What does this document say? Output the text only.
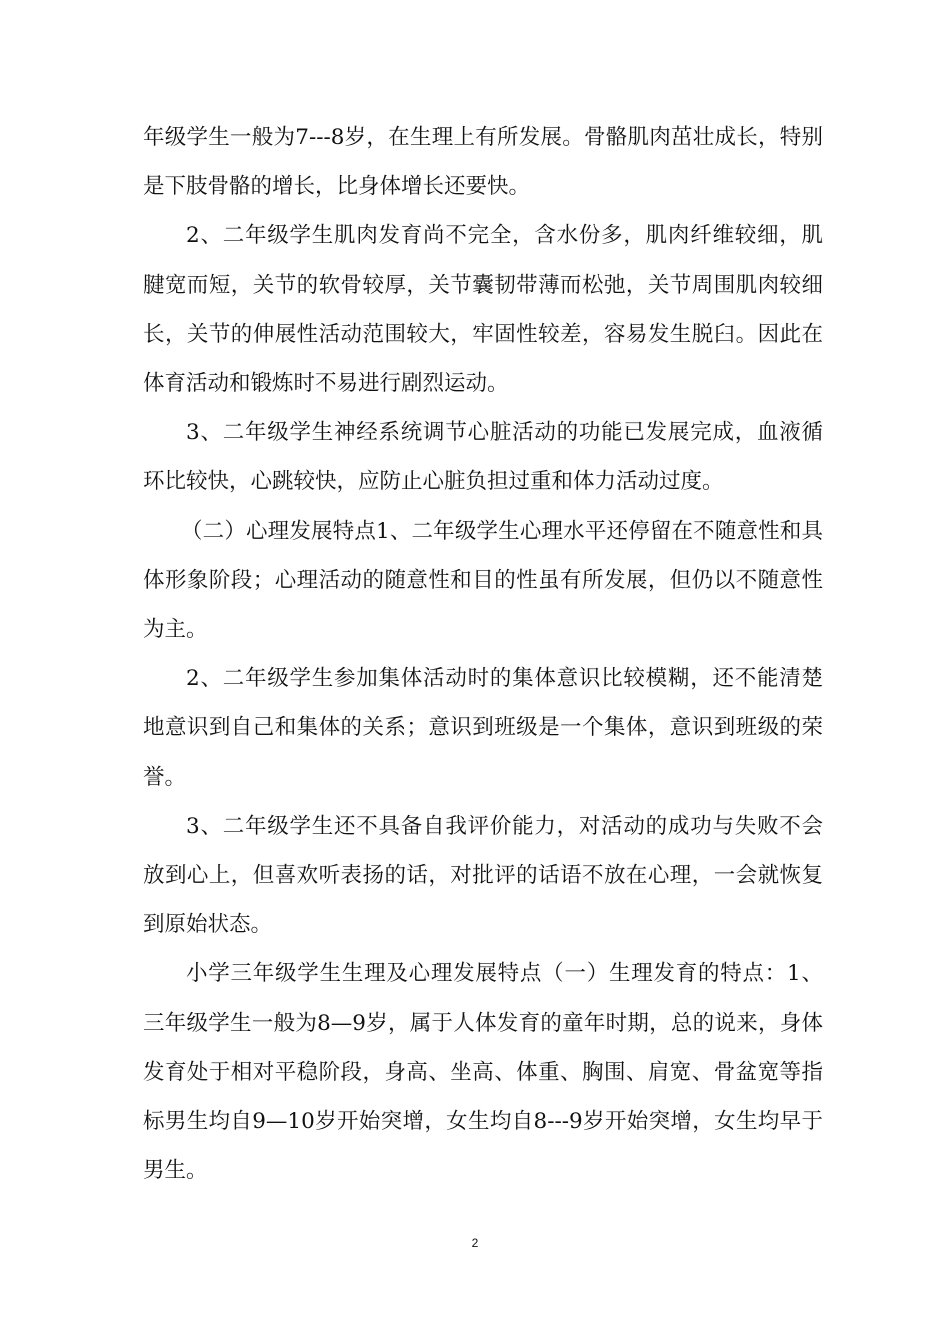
年级学生一般为7---8岁，在生理上有所发展。骨骼肌肉茁壮成长，特别是下肢骨骼的增长，比身体增长还要快。

2、二年级学生肌肉发育尚不完全，含水份多，肌肉纤维较细，肌腱宽而短，关节的软骨较厚，关节囊韧带薄而松弛，关节周围肌肉较细长，关节的伸展性活动范围较大，牢固性较差，容易发生脱臼。因此在体育活动和锻炼时不易进行剧烈运动。

3、二年级学生神经系统调节心脏活动的功能已发展完成，血液循环比较快，心跳较快，应防止心脏负担过重和体力活动过度。

（二）心理发展特点1、二年级学生心理水平还停留在不随意性和具体形象阶段；心理活动的随意性和目的性虽有所发展，但仍以不随意性为主。

2、二年级学生参加集体活动时的集体意识比较模糊，还不能清楚地意识到自己和集体的关系；意识到班级是一个集体，意识到班级的荣誉。

3、二年级学生还不具备自我评价能力，对活动的成功与失败不会放到心上，但喜欢听表扬的话，对批评的话语不放在心理，一会就恢复到原始状态。

小学三年级学生生理及心理发展特点（一）生理发育的特点：1、三年级学生一般为8—9岁，属于人体发育的童年时期，总的说来，身体发育处于相对平稳阶段，身高、坐高、体重、胸围、肩宽、骨盆宽等指标男生均自9—10岁开始突增，女生均自8---9岁开始突增，女生均早于男生。

2
